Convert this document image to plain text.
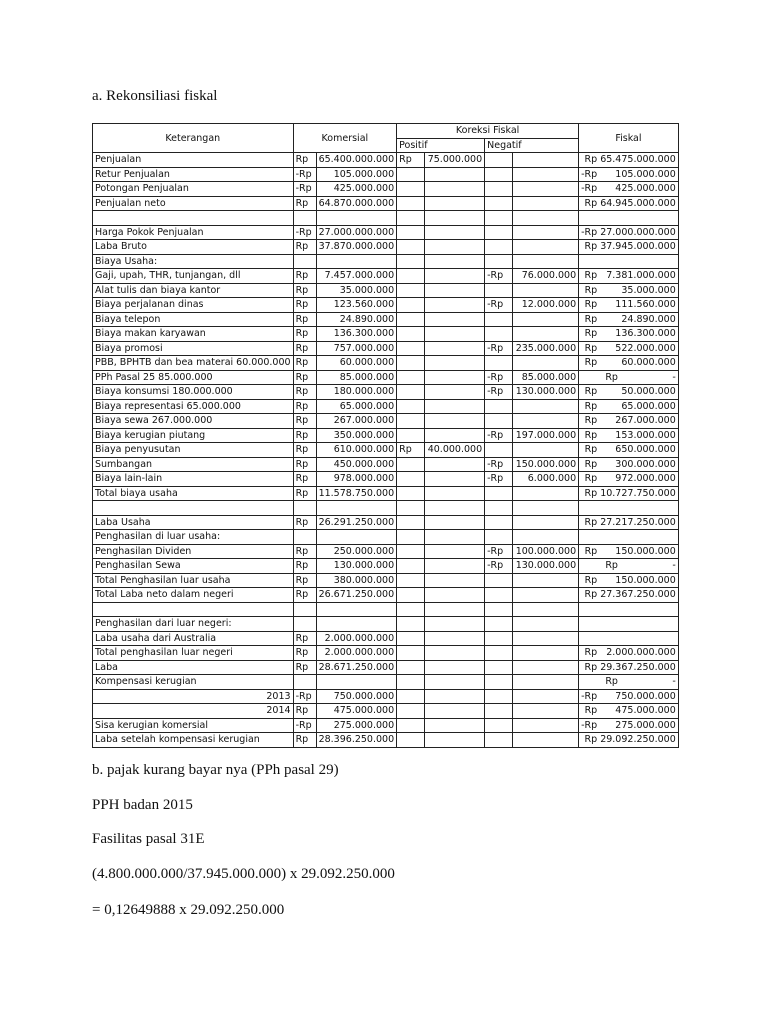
a. Rekonsiliasi fiskal
Keterangan	Komersial		Koreksi Fiskal				Fiskal
			Positif		Negatif		
Penjualan	Rp	65.400.000.000	Rp	75.000.000			Rp 65.475.000.000
Retur Penjualan	-Rp	105.000.000					-Rp      105.000.000
Potongan Penjualan	-Rp	425.000.000					-Rp      425.000.000
Penjualan neto	Rp	64.870.000.000					Rp 64.945.000.000

Harga Pokok Penjualan	-Rp	27.000.000.000					-Rp 27.000.000.000
Laba Bruto	Rp	37.870.000.000					Rp 37.945.000.000
Biaya Usaha:							
Gaji, upah, THR, tunjangan, dll	Rp	7.457.000.000			-Rp	76.000.000	Rp   7.381.000.000
Alat tulis dan biaya kantor	Rp	35.000.000					Rp        35.000.000
Biaya perjalanan dinas	Rp	123.560.000			-Rp	12.000.000	Rp      111.560.000
Biaya telepon	Rp	24.890.000					Rp        24.890.000
Biaya makan karyawan	Rp	136.300.000					Rp      136.300.000
Biaya promosi	Rp	757.000.000			-Rp	235.000.000	Rp      522.000.000
PBB, BPHTB dan bea materai 60.000.000	Rp	60.000.000					Rp        60.000.000
PPh Pasal 25 85.000.000	Rp	85.000.000			-Rp	85.000.000	Rp                  -
Biaya konsumsi 180.000.000	Rp	180.000.000			-Rp	130.000.000	Rp        50.000.000
Biaya representasi 65.000.000	Rp	65.000.000					Rp        65.000.000
Biaya sewa 267.000.000	Rp	267.000.000					Rp      267.000.000
Biaya kerugian piutang	Rp	350.000.000			-Rp	197.000.000	Rp      153.000.000
Biaya penyusutan	Rp	610.000.000	Rp	40.000.000			Rp      650.000.000
Sumbangan	Rp	450.000.000			-Rp	150.000.000	Rp      300.000.000
Biaya lain-lain	Rp	978.000.000			-Rp	6.000.000	Rp      972.000.000
Total biaya usaha	Rp	11.578.750.000					Rp 10.727.750.000

Laba Usaha	Rp	26.291.250.000					Rp 27.217.250.000
Penghasilan di luar usaha:							
Penghasilan Dividen	Rp	250.000.000			-Rp	100.000.000	Rp      150.000.000
Penghasilan Sewa	Rp	130.000.000			-Rp	130.000.000	Rp                  -
Total Penghasilan luar usaha	Rp	380.000.000					Rp      150.000.000
Total Laba neto dalam negeri	Rp	26.671.250.000					Rp 27.367.250.000

Penghasilan dari luar negeri:							
Laba usaha dari Australia	Rp	2.000.000.000					
Total penghasilan luar negeri	Rp	2.000.000.000					Rp   2.000.000.000
Laba	Rp	28.671.250.000					Rp 29.367.250.000
Kompensasi kerugian							Rp                  -
2013	-Rp	750.000.000					-Rp      750.000.000
2014	Rp	475.000.000					Rp      475.000.000
Sisa kerugian komersial	-Rp	275.000.000					-Rp      275.000.000
Laba setelah kompensasi kerugian	Rp	28.396.250.000					Rp 29.092.250.000
b. pajak kurang bayar nya (PPh pasal 29)
PPH badan 2015
Fasilitas pasal 31E
(4.800.000.000/37.945.000.000) x 29.092.250.000
= 0,12649888 x 29.092.250.000
